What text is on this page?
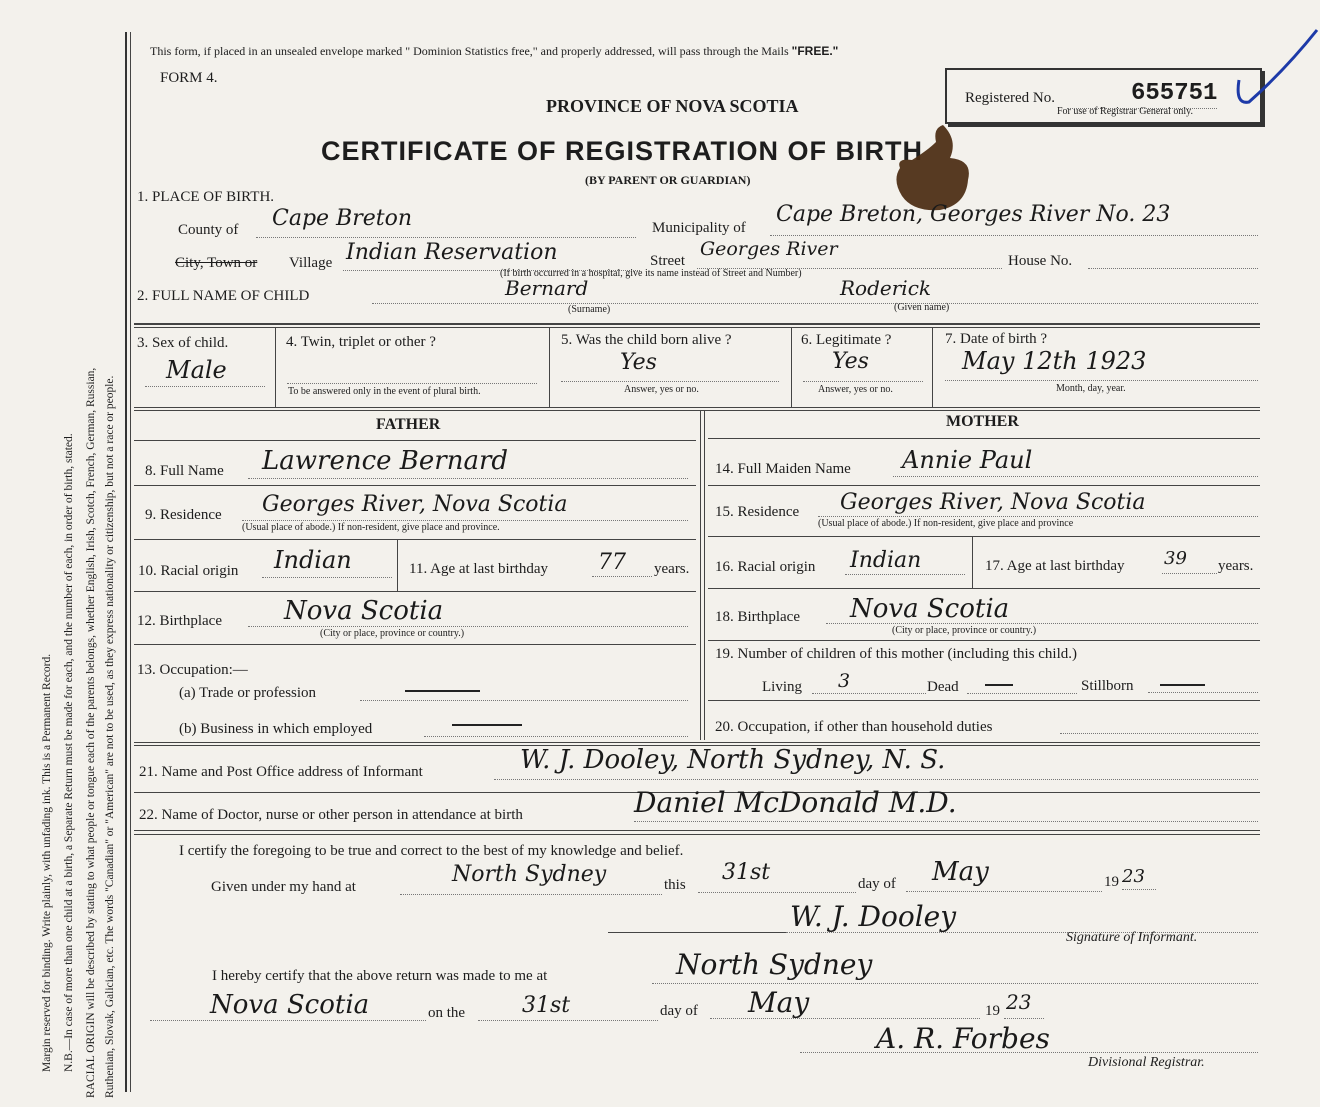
Margin reserved for binding. Write plainly, with unfading ink. This is a Permanent Record. N.B.—In case of more than one child at a birth, a Separate Return must be made for each, and the number of each, in order of birth, stated. RACIAL ORIGIN will be described by stating to what people or tongue each of the parents belongs, whether English, Irish, Scotch, French, German, Russian, Ruthenian, Slovak, Galician, etc. The words "Canadian" or "American" are not to be used, as they express nationality or citizenship, but not a race or people.
This form, if placed in an unsealed envelope marked " Dominion Statistics free," and properly addressed, will pass through the Mails "FREE."
FORM 4.
PROVINCE OF NOVA SCOTIA
CERTIFICATE OF REGISTRATION OF BIRTH
(BY PARENT OR GUARDIAN)
Registered No.	655751
For use of Registrar General only.
1. PLACE OF BIRTH.
County of Cape Breton	Municipality of
Cape Breton, Georges River No. 23
City, Town or Village Indian Reservation	Street
Georges River
House No.
(If birth occurred in a hospital, give its name instead of Street and Number)
2. FULL NAME OF CHILD	Bernard	Roderick
(Surname)	(Given name)
3. Sex of child.
Male
4. Twin, triplet or other ?
To be answered only in the event of plural birth.
5. Was the child born alive ?
Yes
Answer, yes or no.
6. Legitimate ?
Yes
Answer, yes or no.
7. Date of birth ?
May 12th 1923
Month, day, year.
FATHER	MOTHER
8. Full Name Lawrence Bernard
9. Residence Georges River, Nova Scotia
(Usual place of abode.) If non-resident, give place and province.
10. Racial origin Indian	11. Age at last birthday 77 years.
12. Birthplace Nova Scotia
(City or place, province or country.)
13. Occupation:—
(a) Trade or profession
(b) Business in which employed
14. Full Maiden Name Annie Paul
15. Residence Georges River, Nova Scotia
(Usual place of abode.) If non-resident, give place and province
16. Racial origin Indian	17. Age at last birthday 39 years.
18. Birthplace Nova Scotia
(City or place, province or country.)
19. Number of children of this mother (including this child.)
Living 3	Dead	Stillborn
20. Occupation, if other than household duties
21. Name and Post Office address of Informant	W. J. Dooley, North Sydney, N. S.
22. Name of Doctor, nurse or other person in attendance at birth	Daniel McDonald M.D.
I certify the foregoing to be true and correct to the best of my knowledge and belief.
Given under my hand at	North Sydney	this 31st	day of May	19 23
W. J. Dooley
Signature of Informant.
I hereby certify that the above return was made to me at	North Sydney
Nova Scotia	on the	31st	day of May	19 23
A. R. Forbes
Divisional Registrar.
